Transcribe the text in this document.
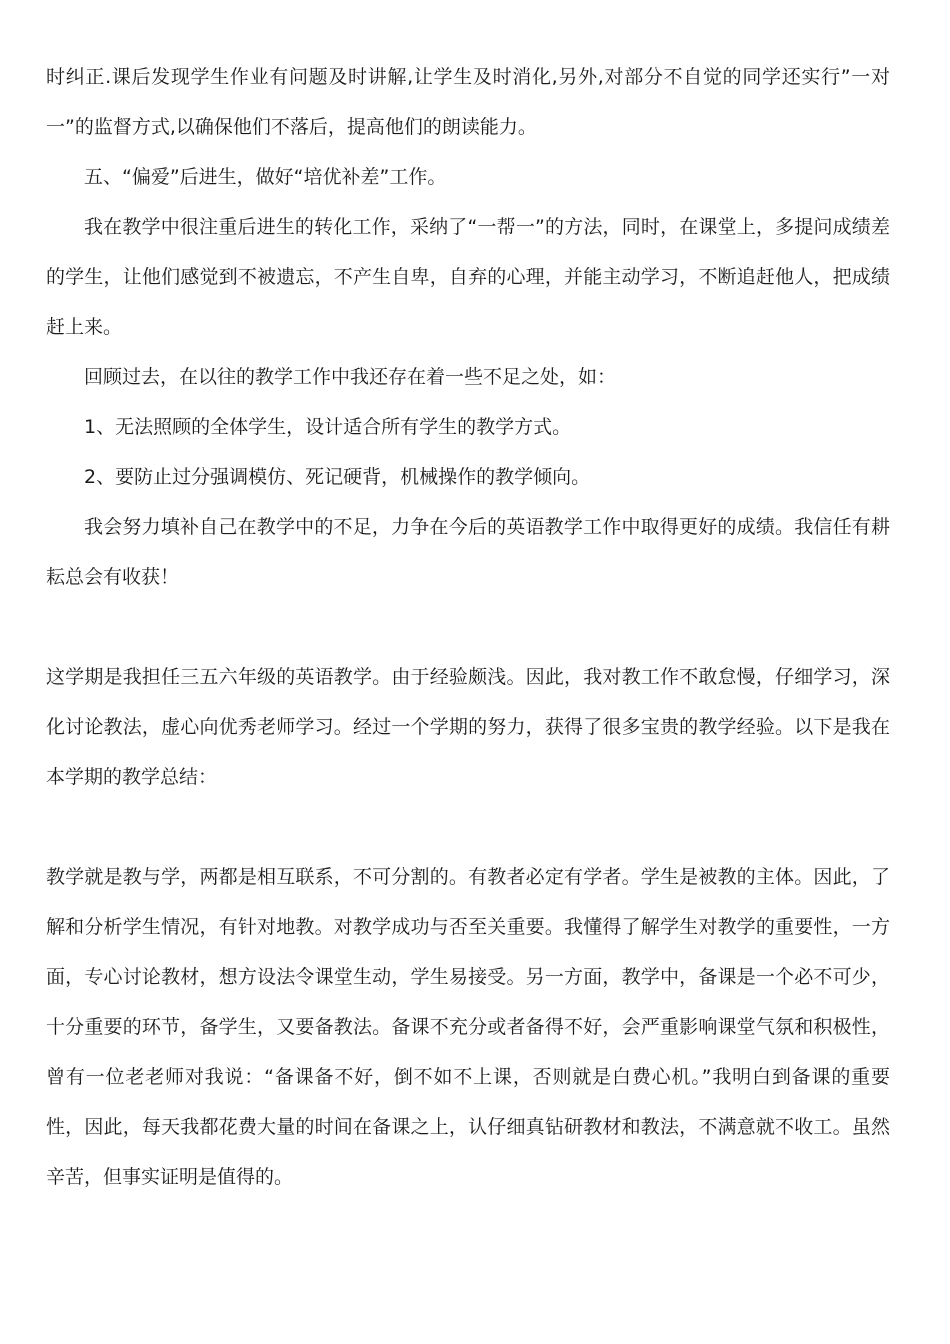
时纠正.课后发现学生作业有问题及时讲解,让学生及时消化,另外,对部分不自觉的同学还实行”一对一”的监督方式,以确保他们不落后，提高他们的朗读能力。

五、“偏爱”后进生，做好“培优补差”工作。

我在教学中很注重后进生的转化工作，采纳了“一帮一”的方法，同时，在课堂上，多提问成绩差的学生，让他们感觉到不被遗忘，不产生自卑，自弃的心理，并能主动学习，不断追赶他人，把成绩赶上来。

回顾过去，在以往的教学工作中我还存在着一些不足之处，如：

1、无法照顾的全体学生，设计适合所有学生的教学方式。

2、要防止过分强调模仿、死记硬背，机械操作的教学倾向。

我会努力填补自己在教学中的不足，力争在今后的英语教学工作中取得更好的成绩。我信任有耕耘总会有收获！

这学期是我担任三五六年级的英语教学。由于经验颇浅。因此，我对教工作不敢怠慢，仔细学习，深化讨论教法，虚心向优秀老师学习。经过一个学期的努力，获得了很多宝贵的教学经验。以下是我在本学期的教学总结：

教学就是教与学，两都是相互联系，不可分割的。有教者必定有学者。学生是被教的主体。因此，了解和分析学生情况，有针对地教。对教学成功与否至关重要。我懂得了解学生对教学的重要性，一方面，专心讨论教材，想方设法令课堂生动，学生易接受。另一方面，教学中，备课是一个必不可少，十分重要的环节，备学生，又要备教法。备课不充分或者备得不好，会严重影响课堂气氛和积极性，曾有一位老老师对我说：“备课备不好，倒不如不上课，否则就是白费心机。”我明白到备课的重要性，因此，每天我都花费大量的时间在备课之上，认仔细真钻研教材和教法，不满意就不收工。虽然辛苦，但事实证明是值得的。
